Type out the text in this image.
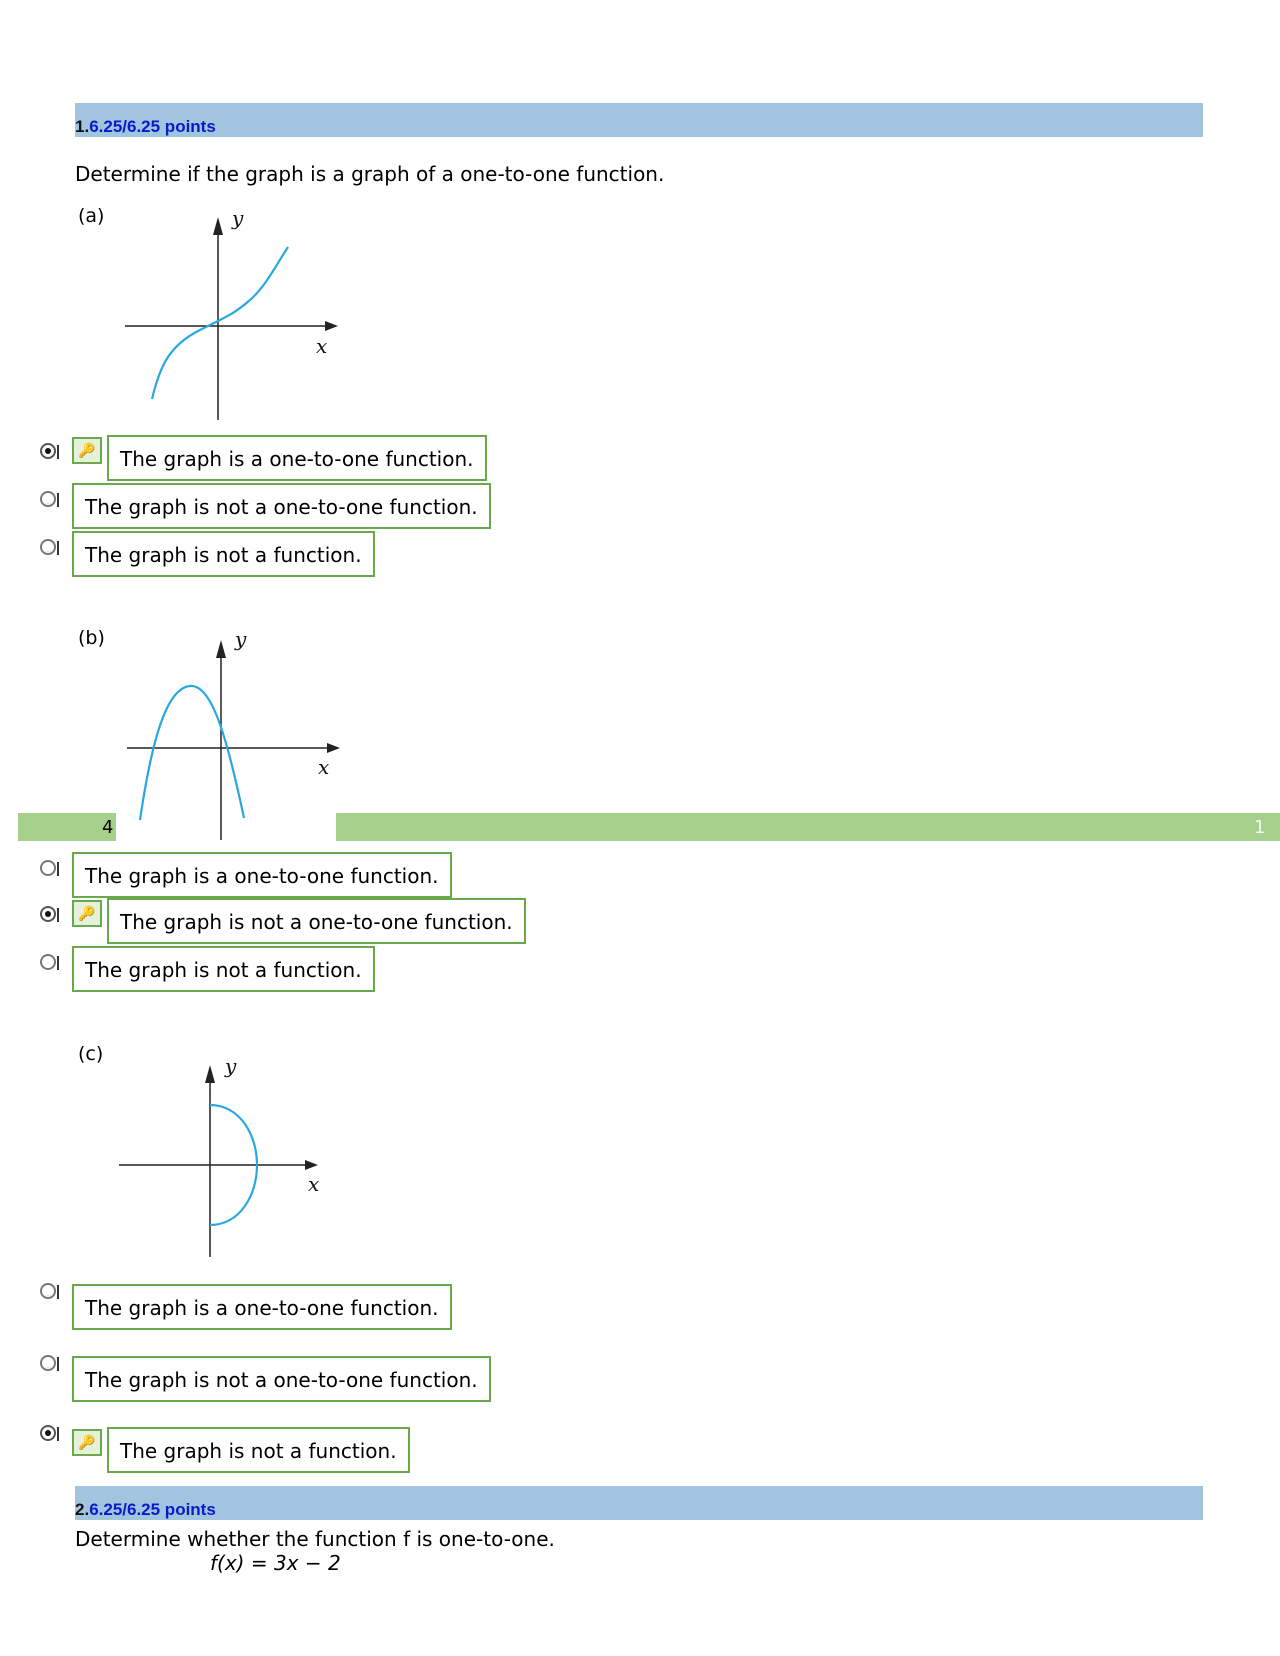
1.6.25/6.25 points
Determine if the graph is a graph of a one-to-one function.
(a)	y
x
🔑	The graph is a one-to-one function.
The graph is not a one-to-one function.
The graph is not a function.
(b)
4	1
y
x
The graph is a one-to-one function.
🔑	The graph is not a one-to-one function.
The graph is not a function.
(c)	y
x
The graph is a one-to-one function.
The graph is not a one-to-one function.
🔑	The graph is not a function.
2.6.25/6.25 points
Determine whether the function f is one-to-one.
f(x) = 3x − 2
